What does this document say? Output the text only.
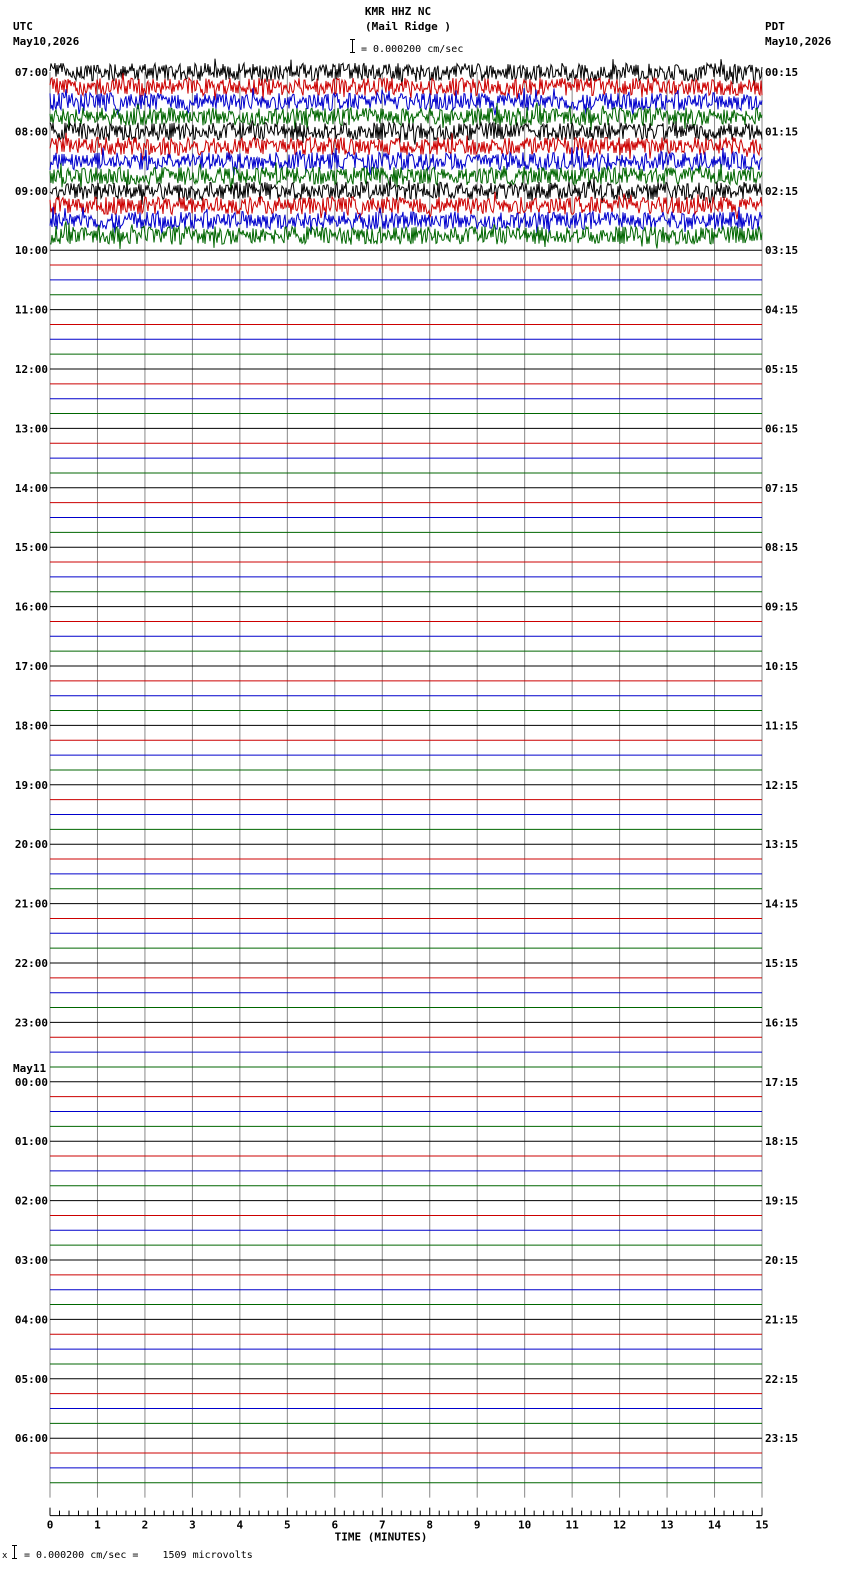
KMR HHZ NC
(Mail Ridge )
= 0.000200 cm/sec
UTC
May10,2026
PDT
May10,2026
07:00	00:15
08:00	01:15
09:00	02:15
10:00	03:15
11:00	04:15
12:00	05:15
13:00	06:15
14:00	07:15
15:00	08:15
16:00	09:15
17:00	10:15
18:00	11:15
19:00	12:15
20:00	13:15
21:00	14:15
22:00	15:15
23:00	16:15
00:00	17:15
May11
01:00	18:15
02:00	19:15
03:00	20:15
04:00	21:15
05:00	22:15
06:00	23:15
0	1	2	3	4	5	6	7	8	9	10	11	12	13	14	15
TIME (MINUTES)
x = 0.000200 cm/sec =    1509 microvolts
